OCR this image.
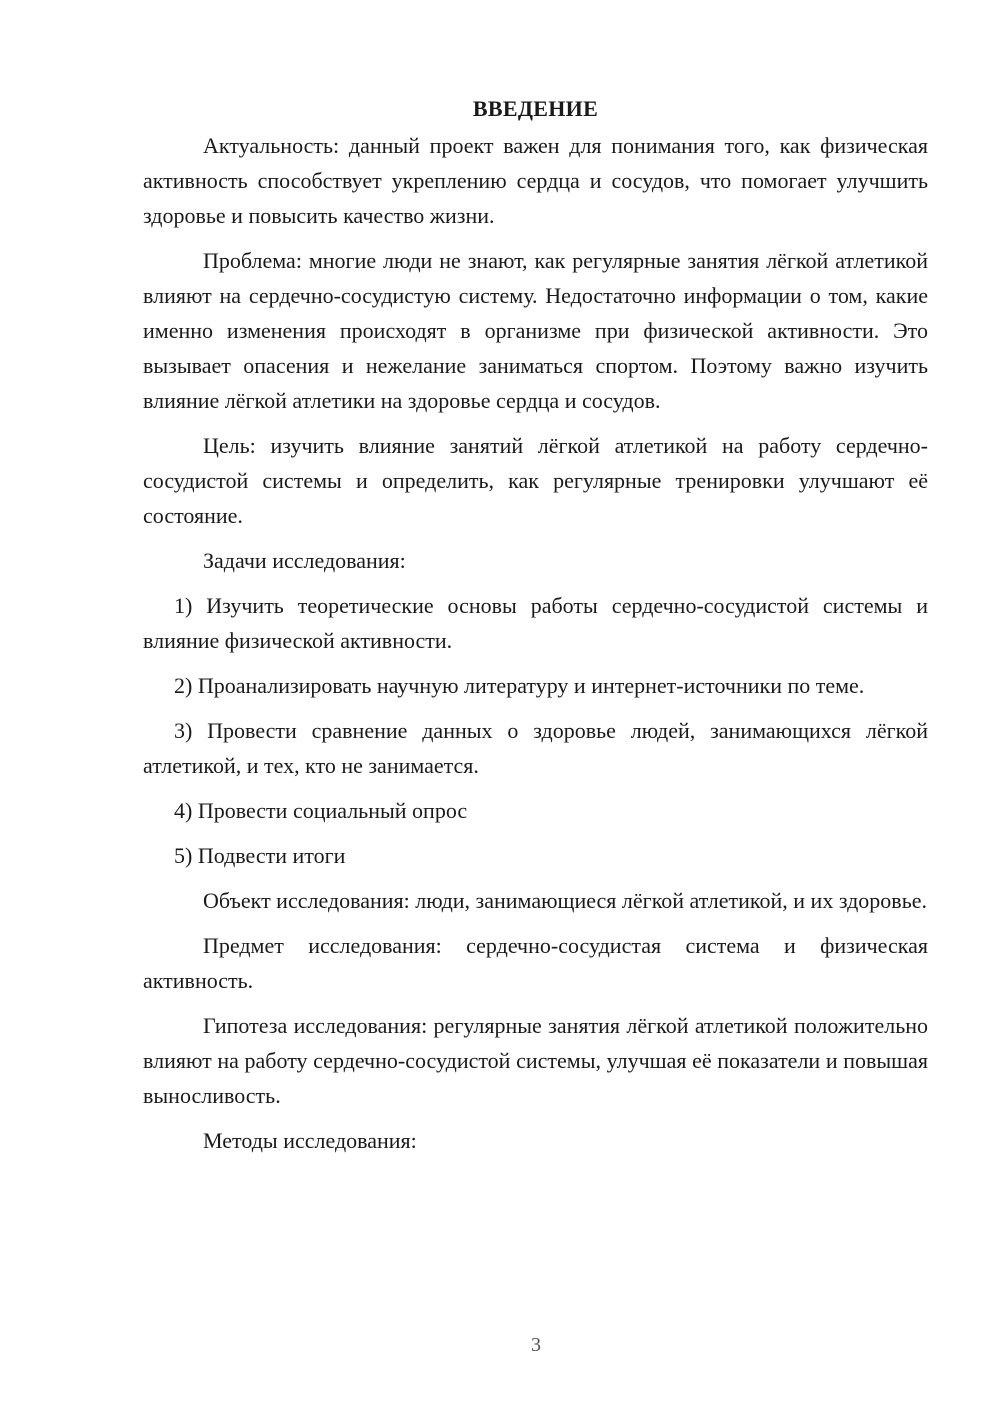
ВВЕДЕНИЕ

Актуальность: данный проект важен для понимания того, как физическая активность способствует укреплению сердца и сосудов, что помогает улучшить здоровье и повысить качество жизни.

Проблема: многие люди не знают, как регулярные занятия лёгкой атлетикой влияют на сердечно-сосудистую систему. Недостаточно информации о том, какие именно изменения происходят в организме при физической активности. Это вызывает опасения и нежелание заниматься спортом. Поэтому важно изучить влияние лёгкой атлетики на здоровье сердца и сосудов.

Цель: изучить влияние занятий лёгкой атлетикой на работу сердечно-сосудистой системы и определить, как регулярные тренировки улучшают её состояние.

Задачи исследования:

1) Изучить теоретические основы работы сердечно-сосудистой системы и влияние физической активности.

2) Проанализировать научную литературу и интернет-источники по теме.

3) Провести сравнение данных о здоровье людей, занимающихся лёгкой атлетикой, и тех, кто не занимается.

4) Провести социальный опрос

5) Подвести итоги

Объект исследования: люди, занимающиеся лёгкой атлетикой, и их здоровье.

Предмет исследования: сердечно-сосудистая система и физическая активность.

Гипотеза исследования: регулярные занятия лёгкой атлетикой положительно влияют на работу сердечно-сосудистой системы, улучшая её показатели и повышая выносливость.

Методы исследования:

3
